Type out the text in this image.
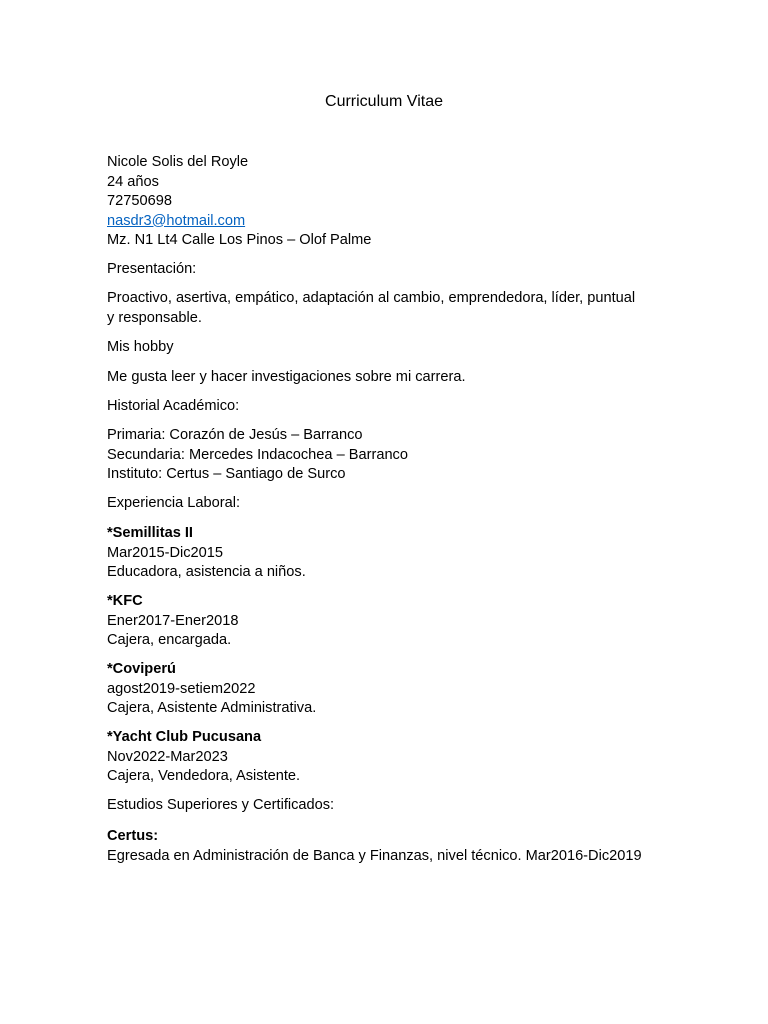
Curriculum Vitae
Nicole Solis del Royle
24 años
72750698
nasdr3@hotmail.com
Mz. N1 Lt4 Calle Los Pinos – Olof Palme
Presentación:
Proactivo, asertiva, empático, adaptación al cambio, emprendedora, líder, puntual
y responsable.
Mis hobby
Me gusta leer y hacer investigaciones sobre mi carrera.
Historial Académico:
Primaria: Corazón de Jesús – Barranco
Secundaria: Mercedes Indacochea – Barranco
Instituto: Certus – Santiago de Surco
Experiencia Laboral:
*Semillitas II
Mar2015-Dic2015
Educadora, asistencia a niños.
*KFC
Ener2017-Ener2018
Cajera, encargada.
*Coviperú
agost2019-setiem2022
Cajera, Asistente Administrativa.
*Yacht Club Pucusana
Nov2022-Mar2023
Cajera, Vendedora, Asistente.
Estudios Superiores y Certificados:
Certus:
Egresada en Administración de Banca y Finanzas, nivel técnico. Mar2016-Dic2019
